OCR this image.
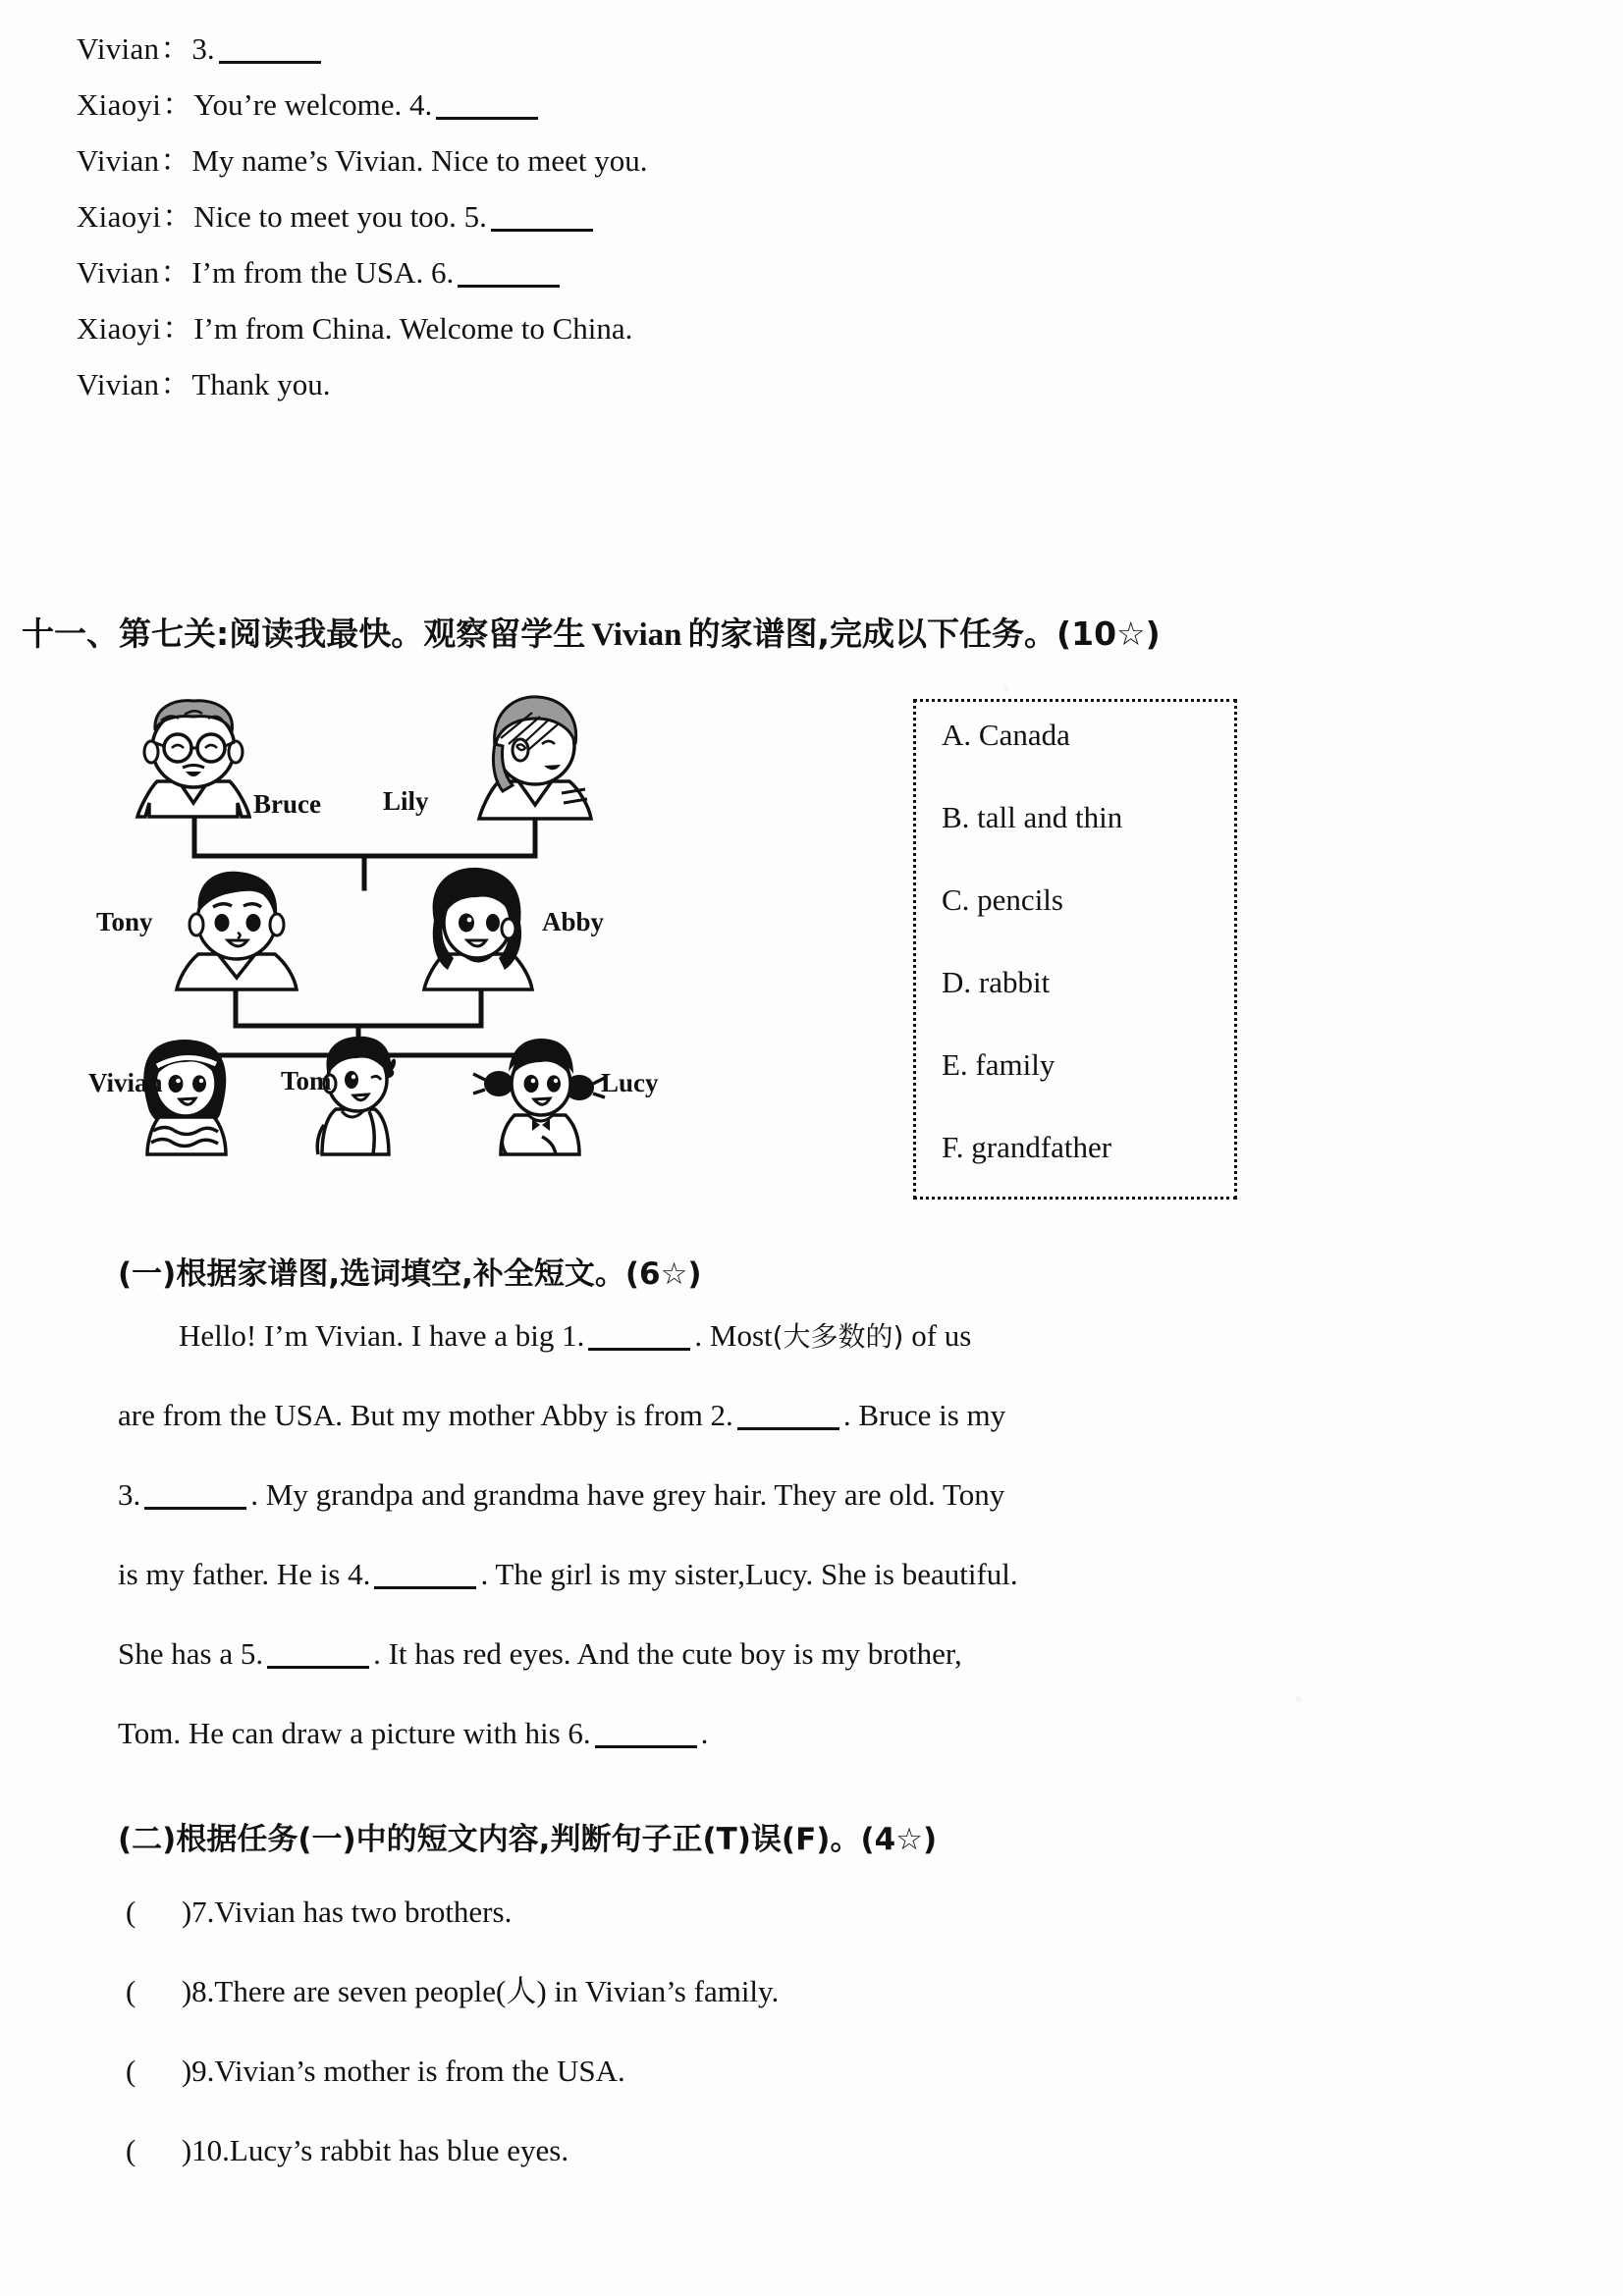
Vivian ： 3.
Xiaoyi ： You’re welcome. 4.
Vivian ： My name’s Vivian. Nice to meet you.
Xiaoyi ： Nice to meet you too. 5.
Vivian ： I’m from the USA. 6.
Xiaoyi ： I’m from China. Welcome to China.
Vivian ： Thank you.
十一、第七关:阅读我最快。观察留学生 Vivian 的家谱图,完成以下任务。(10☆)
Bruce Lily
Tony	Abby
Vivian	Tom	Lucy
A. Canada
B. tall and thin
C. pencils
D. rabbit
E. family
F. grandfather
(一)根据家谱图,选词填空,补全短文。(6☆)
Hello! I’m Vivian. I have a big 1.	. Most (大多数的) of us
are from the USA. But my mother Abby is from 2.	. Bruce is my
3.	. My grandpa and grandma have grey hair. They are old. Tony
is my father. He is 4.	. The girl is my sister,Lucy. She is beautiful.
She has a 5.	. It has red eyes. And the cute boy is my brother,
Tom. He can draw a picture with his 6.	.
(二)根据任务(一)中的短文内容,判断句子正(T)误(F)。(4☆)
(      )7.Vivian has two brothers.
(      )8.There are seven people(人) in Vivian’s family.
(      )9.Vivian’s mother is from the USA.
(      )10.Lucy’s rabbit has blue eyes.
